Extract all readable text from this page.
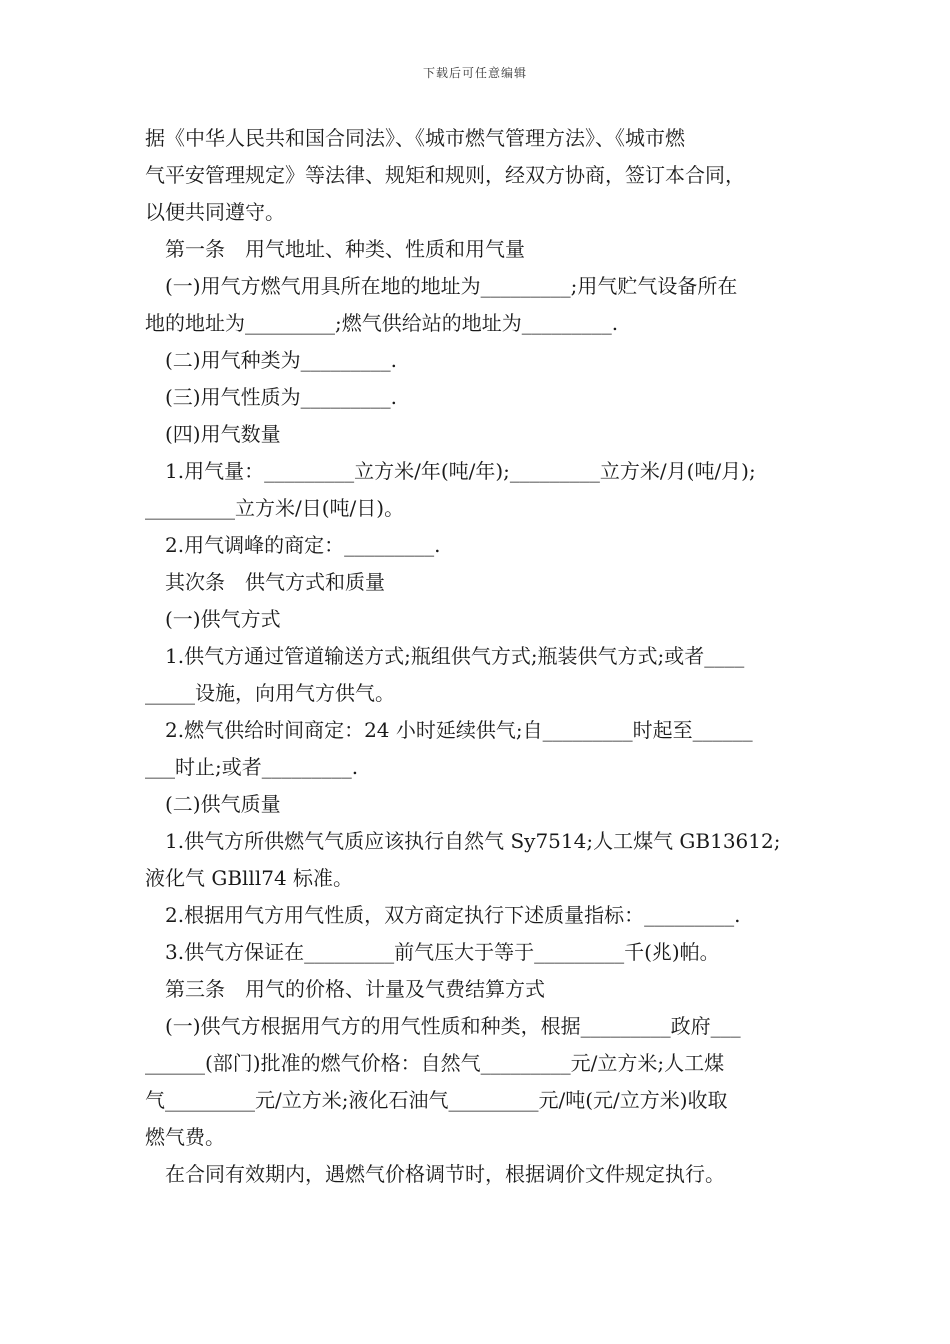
下载后可任意编辑
据《中华人民共和国合同法》、《城市燃气管理方法》、《城市燃
气平安管理规定》等法律、规矩和规则，经双方协商，签订本合同，
以便共同遵守。
第一条　用气地址、种类、性质和用气量
(一)用气方燃气用具所在地的地址为_________;用气贮气设备所在
地的地址为_________;燃气供给站的地址为_________.
(二)用气种类为_________.
(三)用气性质为_________.
(四)用气数量
1.用气量：_________立方米/年(吨/年);_________立方米/月(吨/月);
_________立方米/日(吨/日)。
2.用气调峰的商定：_________.
其次条　供气方式和质量
(一)供气方式
1.供气方通过管道输送方式;瓶组供气方式;瓶装供气方式;或者____
_____设施，向用气方供气。
2.燃气供给时间商定：24 小时延续供气;自_________时起至______
___时止;或者_________.
(二)供气质量
1.供气方所供燃气气质应该执行自然气 Sy7514;人工煤气 GB13612;
液化气 GBlll74 标准。
2.根据用气方用气性质，双方商定执行下述质量指标：_________.
3.供气方保证在_________前气压大于等于_________千(兆)帕。
第三条　用气的价格、计量及气费结算方式
(一)供气方根据用气方的用气性质和种类，根据_________政府___
______(部门)批准的燃气价格：自然气_________元/立方米;人工煤
气_________元/立方米;液化石油气_________元/吨(元/立方米)收取
燃气费。
在合同有效期内，遇燃气价格调节时，根据调价文件规定执行。
